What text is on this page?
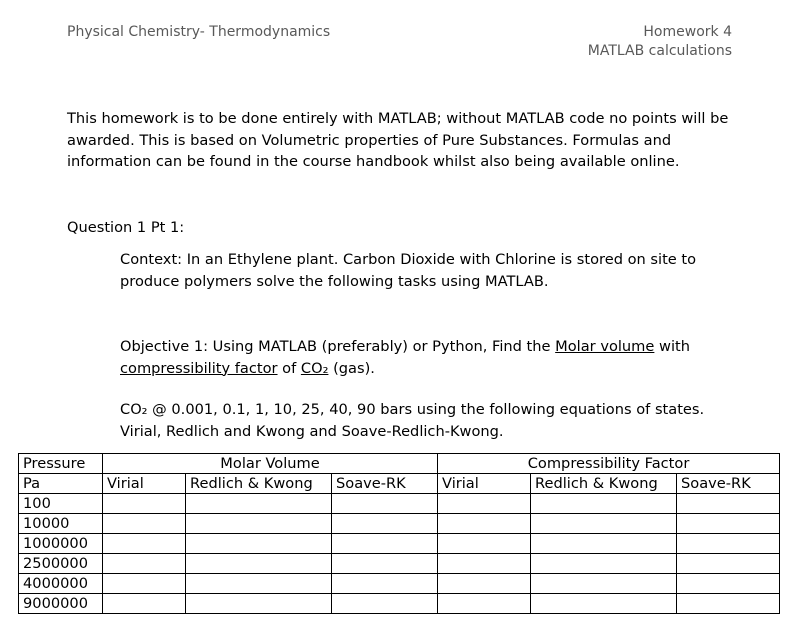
Physical Chemistry- Thermodynamics	Homework 4
MATLAB calculations

This homework is to be done entirely with MATLAB; without MATLAB code no points will be awarded. This is based on Volumetric properties of Pure Substances. Formulas and information can be found in the course handbook whilst also being available online.

Question 1 Pt 1:

Context: In an Ethylene plant. Carbon Dioxide with Chlorine is stored on site to produce polymers solve the following tasks using MATLAB.

Objective 1: Using MATLAB (preferably) or Python, Find the Molar volume with compressibility factor of CO₂ (gas).

CO₂ @ 0.001, 0.1, 1, 10, 25, 40, 90 bars using the following equations of states.
Virial, Redlich and Kwong and Soave-Redlich-Kwong.

Pressure	Molar Volume			Compressibility Factor		
Pa	Virial	Redlich & Kwong	Soave-RK	Virial	Redlich & Kwong	Soave-RK
100						
10000						
1000000						
2500000						
4000000						
9000000						
